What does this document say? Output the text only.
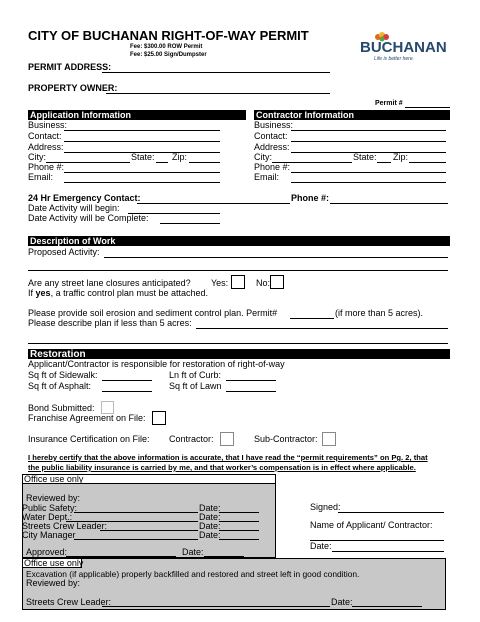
CITY OF BUCHANAN RIGHT-OF-WAY PERMIT
Fee: $300.00 ROW Permit
Fee: $25.00 Sign/Dumpster	BUCHANAN
Life is better here.
PERMIT ADDRESS:
PROPERTY OWNER:
Permit #
Application Information	Contractor Information
Business:
Contact:
Address:
City:	State: Zip:
Phone #:
Email:
Business:
Contact:
Address:
City:	State: Zip:
Phone #:
Email:
24 Hr Emergency Contact:	Phone #:
Date Activity will begin:
Date Activity will be Complete:
Description of Work
Proposed Activity:
Are any street lane closures anticipated? Yes:	No:
If yes, a traffic control plan must be attached.
Please provide soil erosion and sediment control plan. Permit#	(if more than 5 acres).
Please describe plan if less than 5 acres:
Restoration
Applicant/Contractor is responsible for restoration of right-of-way
Sq ft of Sidewalk:	Ln ft of Curb:
Sq ft of Asphalt:	Sq ft of Lawn
Bond Submitted:
Franchise Agreement on File:
Insurance Certification on File: Contractor:	Sub-Contractor:
I hereby certify that the above information is accurate, that I have read the “permit requirements” on Pg. 2, that
the public liability insurance is carried by me, and that worker’s compensation is in effect where applicable.
Office use only
Reviewed by:
Public Safety:	Date:
Water Dept.:	Date:
Streets Crew Leader:	Date:
City Manager	Date:
Approved:	Date:
Signed:
Name of Applicant/ Contractor:
Date:
Office use only
Excavation (if applicable) properly backfilled and restored and street left in good condition.
Reviewed by:
Streets Crew Leader:	Date:
